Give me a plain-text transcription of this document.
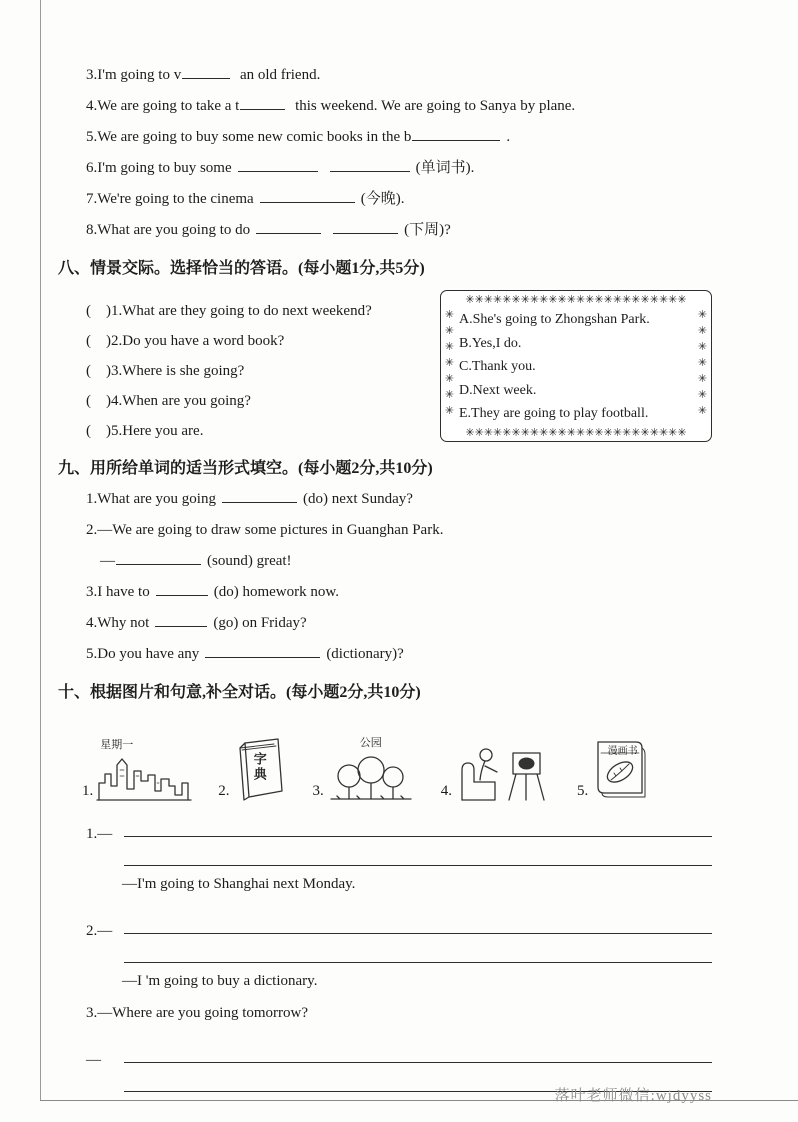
3.I'm going to v	an old friend.
4.We are going to take a t	this weekend. We are going to Sanya by plane.
5.We are going to buy some new comic books in the b	.
6.I'm going to buy some	(单词书).
7.We're going to the cinema	(今晚).
8.What are you going to do	(下周)?
八、情景交际。选择恰当的答语。(每小题1分,共5分)
(    )1.What are they going to do next weekend?
(    )2.Do you have a word book?
(    )3.Where is she going?
(    )4.When are you going?
(    )5.Here you are.
✳✳✳✳✳✳✳✳✳✳✳✳✳✳✳✳✳✳✳✳✳✳✳✳
✳✳✳✳✳✳✳
A.She's going to Zhongshan Park.
B.Yes,I do.
C.Thank you.
D.Next week.
E.They are going to play football.
✳✳✳✳✳✳✳
✳✳✳✳✳✳✳✳✳✳✳✳✳✳✳✳✳✳✳✳✳✳✳✳
九、用所给单词的适当形式填空。(每小题2分,共10分)
1.What are you going	(do) next Sunday?
2.—We are going to draw some pictures in Guanghan Park.
—	(sound) great!
3.I have to	(do) homework now.
4.Why not	(go) on Friday?
5.Do you have any	(dictionary)?
十、根据图片和句意,补全对话。(每小题2分,共10分)
1.
星期一
2.
字典
3.
公园
4.	5.
漫画书
1.—
—I'm going to Shanghai next Monday.
2.—
—I 'm going to buy a dictionary.
3.—Where are you going tomorrow?
—
落叶老师微信:wjdyyss
